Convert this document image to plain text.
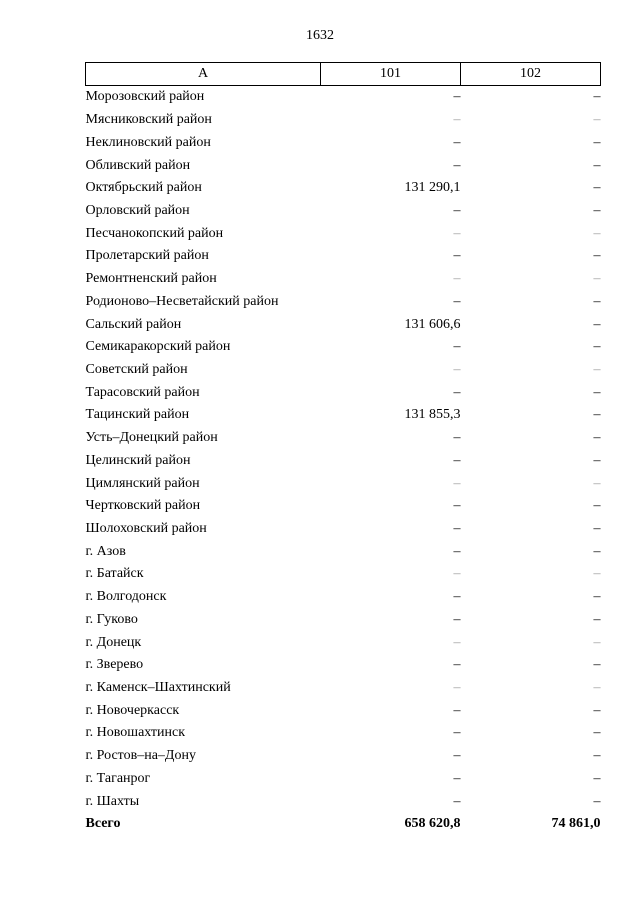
1632
А	101	102
Морозовский район	–	–
Мясниковский район	–	–
Неклиновский район	–	–
Обливский район	–	–
Октябрьский район	131 290,1	–
Орловский район	–	–
Песчанокопский район	–	–
Пролетарский район	–	–
Ремонтненский район	–	–
Родионово–Несветайский район	–	–
Сальский район	131 606,6	–
Семикаракорский район	–	–
Советский район	–	–
Тарасовский район	–	–
Тацинский район	131 855,3	–
Усть–Донецкий район	–	–
Целинский район	–	–
Цимлянский район	–	–
Чертковский район	–	–
Шолоховский район	–	–
г. Азов	–	–
г. Батайск	–	–
г. Волгодонск	–	–
г. Гуково	–	–
г. Донецк	–	–
г. Зверево	–	–
г. Каменск–Шахтинский	–	–
г. Новочеркасск	–	–
г. Новошахтинск	–	–
г. Ростов–на–Дону	–	–
г. Таганрог	–	–
г. Шахты	–	–
Всего	658 620,8	74 861,0
